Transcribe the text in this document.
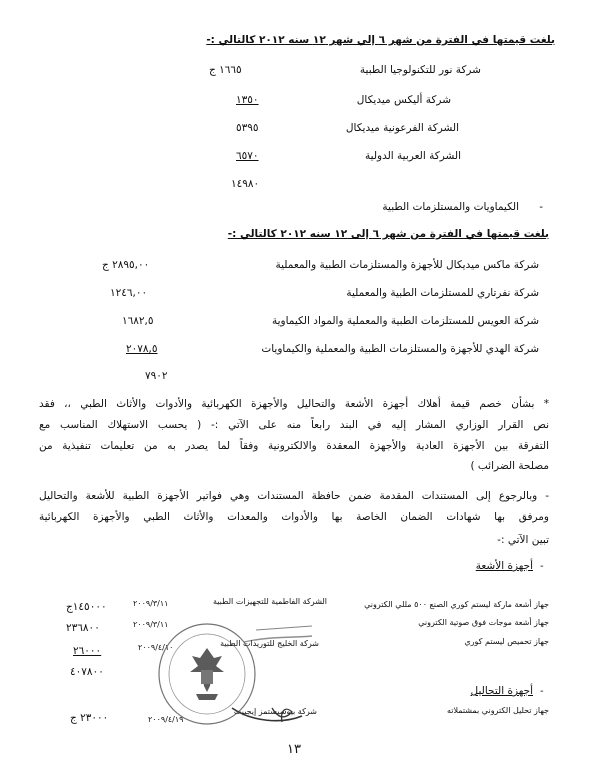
بلغت قيمتها في الفترة من شهر ٦ إلي شهر ١٢ سنه ٢٠١٢ كالتالي :-
شركة نور للتكنولوجيا الطبية
١٦٦٥ ج
شركة أليكس ميديكال
١٣٥٠
الشركة الفرعونية ميديكال
٥٣٩٥
الشركة العربية الدولية
٦٥٧٠
١٤٩٨٠
-
الكيماويات والمستلزمات الطبية
بلغت قيمتها في الفترة من شهر ٦ إلى ١٢ سنه ٢٠١٢ كالتالي :-
شركة ماكس ميديكال للأجهزة والمستلزمات الطبية والمعملية
٢٨٩٥,٠٠ ج
شركة نفرتاري للمستلزمات الطبية والمعملية
١٢٤٦,٠٠
شركة العويس للمستلزمات الطبية والمعملية والمواد الكيماوية
١٦٨٢,٥
شركة الهدي للأجهزة والمستلزمات الطبية والمعملية والكيماويات
٢٠٧٨,٥
٧٩٠٢
* بشأن خصم قيمة أهلاك أجهزة الأشعة والتحاليل والأجهزة الكهربائية والأدوات والأثاث الطبي ،، فقد
نص القرار الوزاري المشار إليه في البند رابعاً منه على الآتي :- ( يحسب الاستهلاك المناسب مع
التفرقة بين الأجهزة العادية والأجهزة المعقدة والالكترونية وفقاً لما يصدر به من تعليمات تنفيذية من
مصلحة الضرائب )
- وبالرجوع إلى المستندات المقدمة ضمن حافظة المستندات وهي فواتير الأجهزة الطبية للأشعة والتحاليل
ومرفق بها شهادات الضمان الخاصة بها والأدوات والمعدات والأثاث الطبي والأجهزة الكهربائية
تبين الآتي :-
-
أجهزة الأشعة
جهاز أشعة ماركة ليستم كوري الصنع ٥٠٠ مللي الكتروني
٢٠٠٩/٣/١١	الشركة الفاطمية للتجهيزات الطبية
١٤٥٠٠٠ج
جهاز أشعة موجات فوق صوتية الكتروني
٢٠٠٩/٣/١١
٢٣٦٨٠٠
جهاز تحميص ليستم كوري
٢٠٠٩/٤/١٠	شركة الخليج للتوريدات الطبية
٢٦٠٠٠
٤٠٧٨٠٠
-
أجهزة التحاليل
جهاز تحليل الكتروني بمشتملاته
٢٠٠٩/٤/١٩
شركة بيوسيستمز إيجيبت
٢٣٠٠٠ ج
١٣
